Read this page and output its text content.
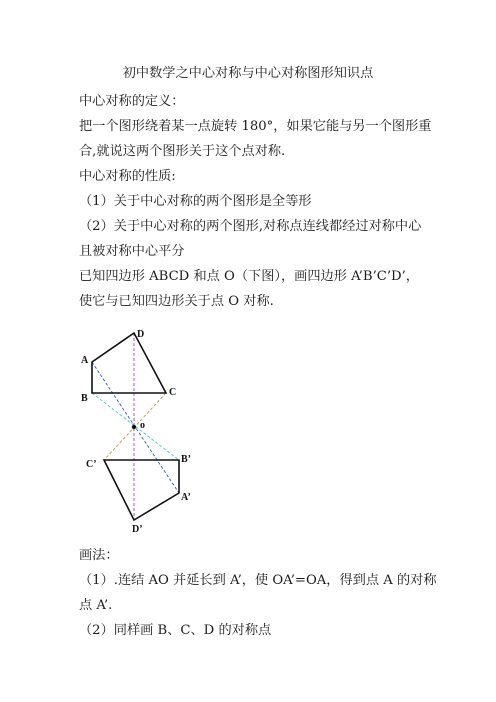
初中数学之中心对称与中心对称图形知识点
中心对称的定义：
把一个图形绕着某一点旋转 180°，如果它能与另一个图形重
合,就说这两个图形关于这个点对称.
中心对称的性质:
（1）关于中心对称的两个图形是全等形
（2）关于中心对称的两个图形,对称点连线都经过对称中心
且被对称中心平分
已知四边形 ABCD 和点 O（下图），画四边形 A’B’C’D’，
使它与已知四边形关于点 O 对称.
D
A
C
B
o
C’	B’
A’
D’
画法：
（1）.连结 AO 并延长到 A’，使 OA’=OA，得到点 A 的对称
点 A’.
（2）同样画 B、C、D 的对称点
